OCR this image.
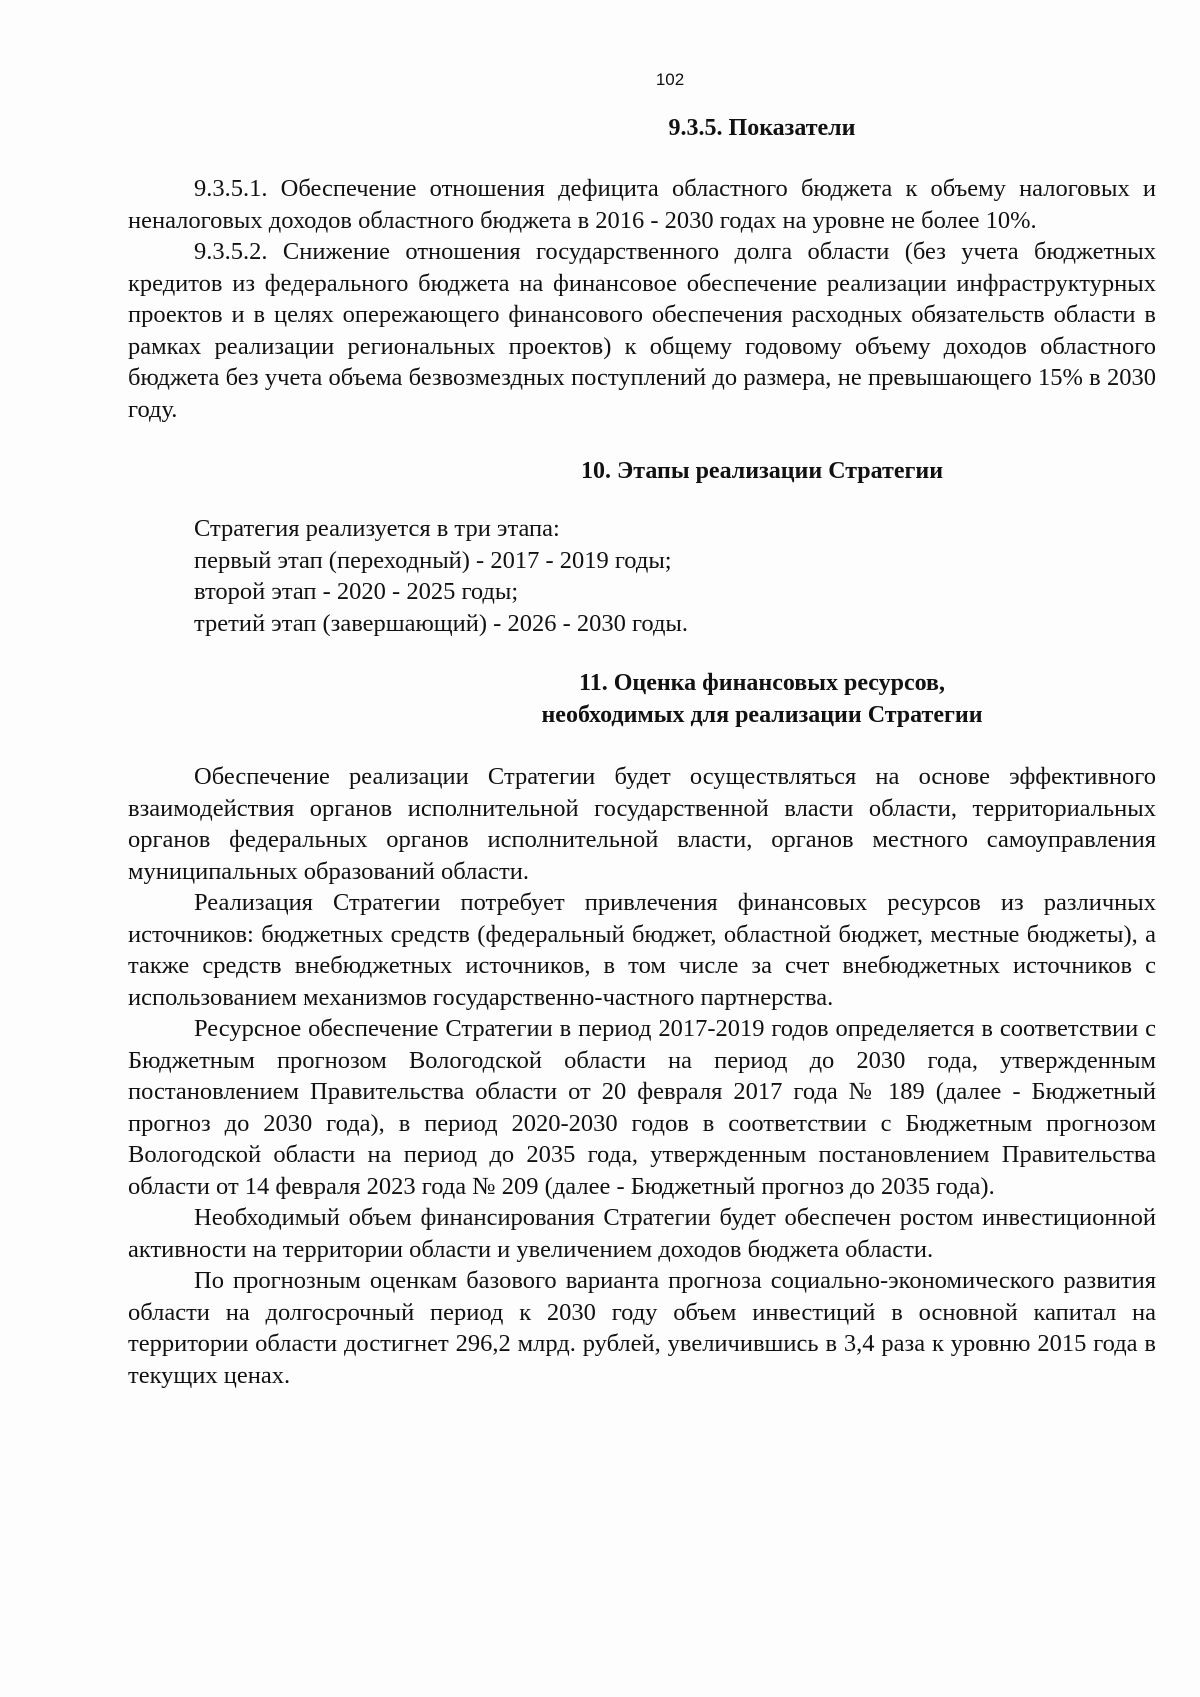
102
9.3.5. Показатели

9.3.5.1. Обеспечение отношения дефицита областного бюджета к объему налоговых и неналоговых доходов областного бюджета в 2016 - 2030 годах на уровне не более 10%.

9.3.5.2. Снижение отношения государственного долга области (без учета бюджетных кредитов из федерального бюджета на финансовое обеспечение реализации инфраструктурных проектов и в целях опережающего финансового обеспечения расходных обязательств области в рамках реализации региональных проектов) к общему годовому объему доходов областного бюджета без учета объема безвозмездных поступлений до размера, не превышающего 15% в 2030 году.

10. Этапы реализации Стратегии
Стратегия реализуется в три этапа:
первый этап (переходный) - 2017 - 2019 годы;
второй этап - 2020 - 2025 годы;
третий этап (завершающий) - 2026 - 2030 годы.
11. Оценка финансовых ресурсов,
необходимых для реализации Стратегии

Обеспечение реализации Стратегии будет осуществляться на основе эффективного взаимодействия органов исполнительной государственной власти области, территориальных органов федеральных органов исполнительной власти, органов местного самоуправления муниципальных образований области.

Реализация Стратегии потребует привлечения финансовых ресурсов из различных источников: бюджетных средств (федеральный бюджет, областной бюджет, местные бюджеты), а также средств внебюджетных источников, в том числе за счет внебюджетных источников с использованием механизмов государственно-частного партнерства.

Ресурсное обеспечение Стратегии в период 2017-2019 годов определяется в соответствии с Бюджетным прогнозом Вологодской области на период до 2030 года, утвержденным постановлением Правительства области от 20 февраля 2017 года № 189 (далее - Бюджетный прогноз до 2030 года), в период 2020-2030 годов в соответствии с Бюджетным прогнозом Вологодской области на период до 2035 года, утвержденным постановлением Правительства области от 14 февраля 2023 года № 209 (далее - Бюджетный прогноз до 2035 года).

Необходимый объем финансирования Стратегии будет обеспечен ростом инвестиционной активности на территории области и увеличением доходов бюджета области.

По прогнозным оценкам базового варианта прогноза социально-экономического развития области на долгосрочный период к 2030 году объем инвестиций в основной капитал на территории области достигнет 296,2 млрд. рублей, увеличившись в 3,4 раза к уровню 2015 года в текущих ценах.
